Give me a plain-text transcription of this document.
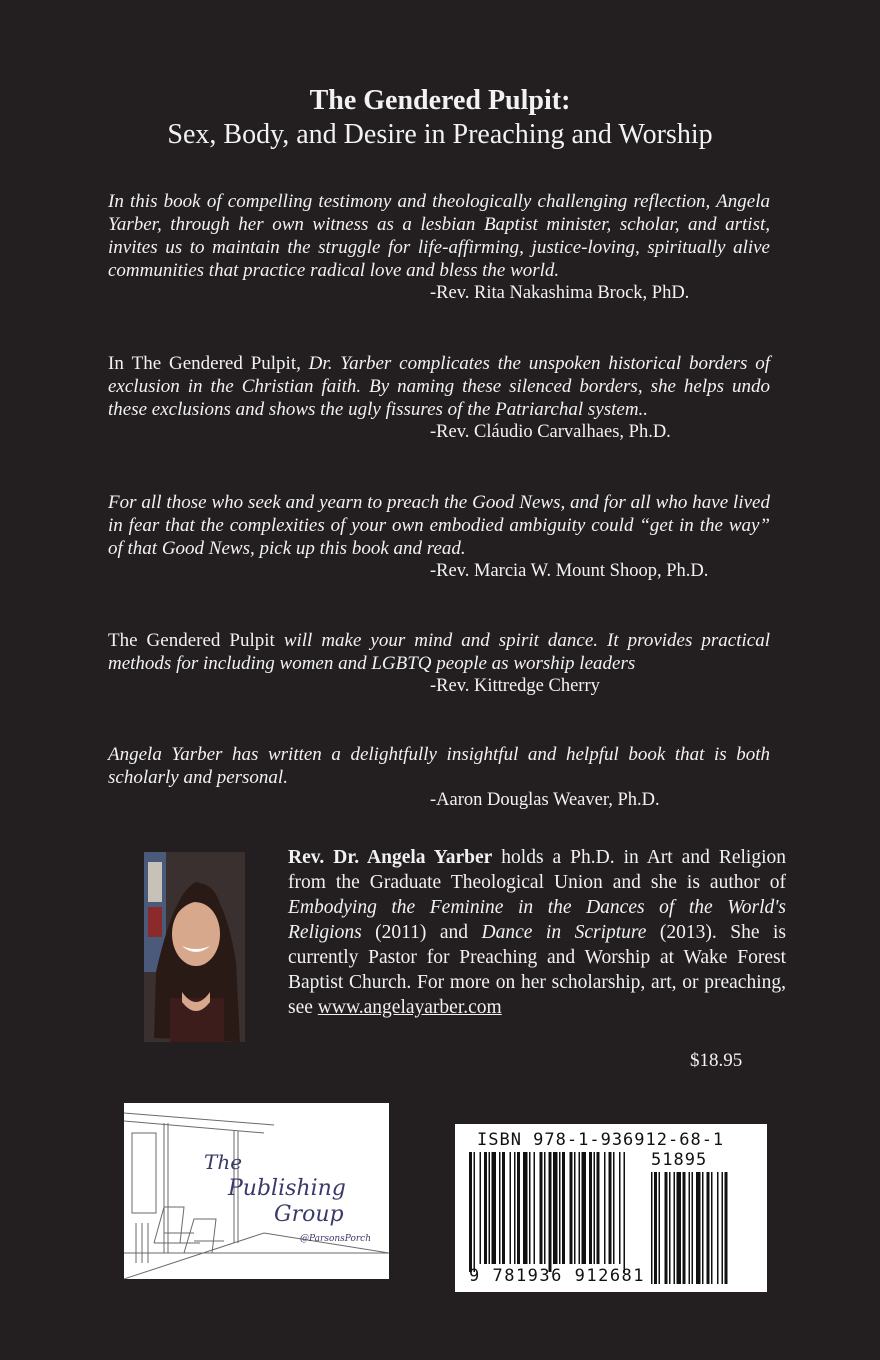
The Gendered Pulpit:
Sex, Body, and Desire in Preaching and Worship
In this book of compelling testimony and theologically challenging reflection, Angela Yarber, through her own witness as a lesbian Baptist minister, scholar, and artist, invites us to maintain the struggle for life-affirming, justice-loving, spiritually alive communities that practice radical love and bless the world.
-Rev. Rita Nakashima Brock, PhD.
In The Gendered Pulpit, Dr. Yarber complicates the unspoken historical borders of exclusion in the Christian faith. By naming these silenced borders, she helps undo these exclusions and shows the ugly fissures of the Patriarchal system..
-Rev. Cláudio Carvalhaes, Ph.D.
For all those who seek and yearn to preach the Good News, and for all who have lived in fear that the complexities of your own embodied ambiguity could “get in the way” of that Good News, pick up this book and read.
-Rev. Marcia W. Mount Shoop, Ph.D.
The Gendered Pulpit will make your mind and spirit dance. It provides practical methods for including women and LGBTQ people as worship leaders
-Rev. Kittredge Cherry
Angela Yarber has written a delightfully insightful and helpful book that is both scholarly and personal.
-Aaron Douglas Weaver, Ph.D.
Rev. Dr. Angela Yarber holds a Ph.D. in Art and Religion from the Graduate Theological Union and she is author of Embodying the Feminine in the Dances of the World's Religions (2011) and Dance in Scripture (2013). She is currently Pastor for Preaching and Worship at Wake Forest Baptist Church. For more on her scholarship, art, or preaching, see www.angelayarber.com
$18.95
The
Publishing
Group
@ParsonsPorch
ISBN 978-1-936912-68-1
51895
9 781936 912681
